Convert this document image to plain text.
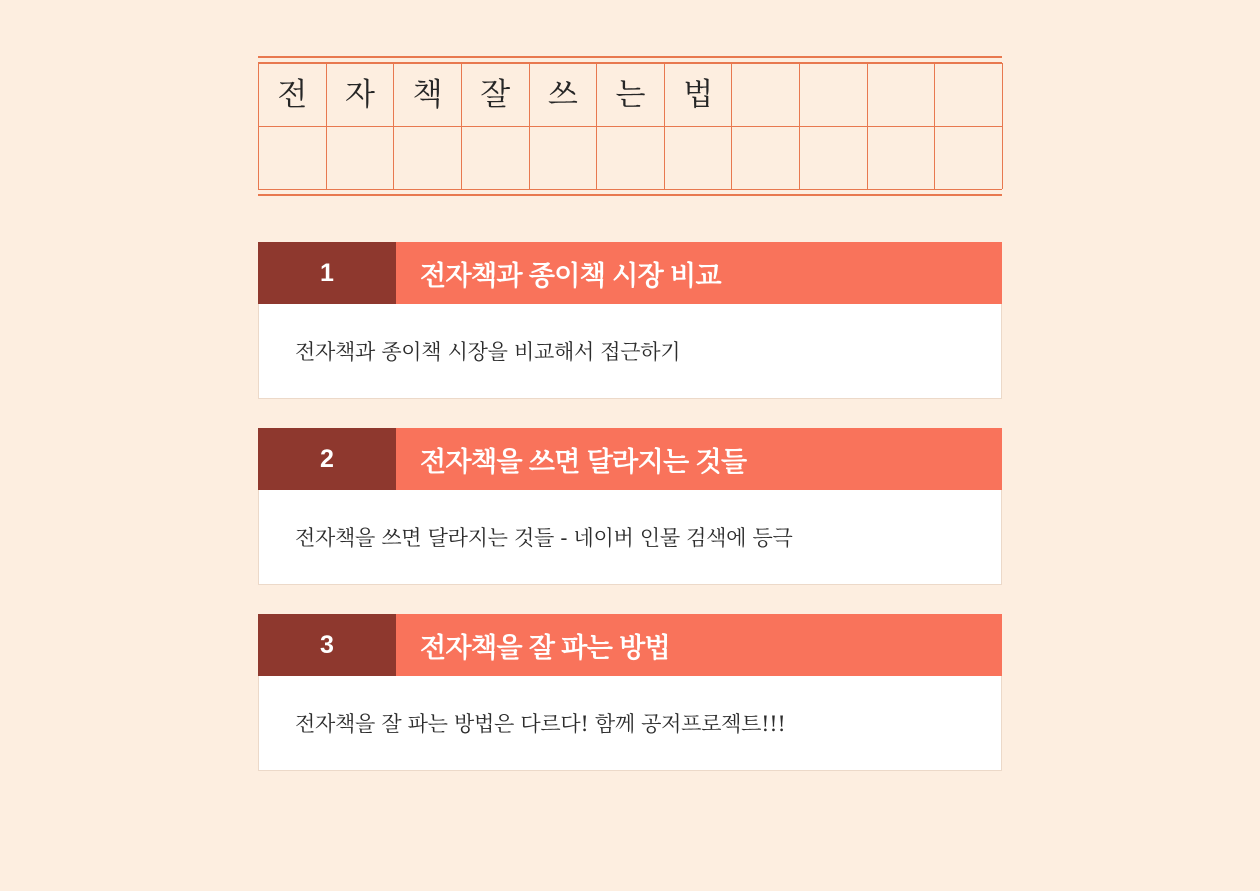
전	자	책	잘	쓰	는	법
1	전자책과 종이책 시장 비교
전자책과 종이책 시장을 비교해서 접근하기
2	전자책을 쓰면 달라지는 것들
전자책을 쓰면 달라지는 것들 - 네이버 인물 검색에 등극
3	전자책을 잘 파는 방법
전자책을 잘 파는 방법은 다르다! 함께 공저프로젝트!!!
